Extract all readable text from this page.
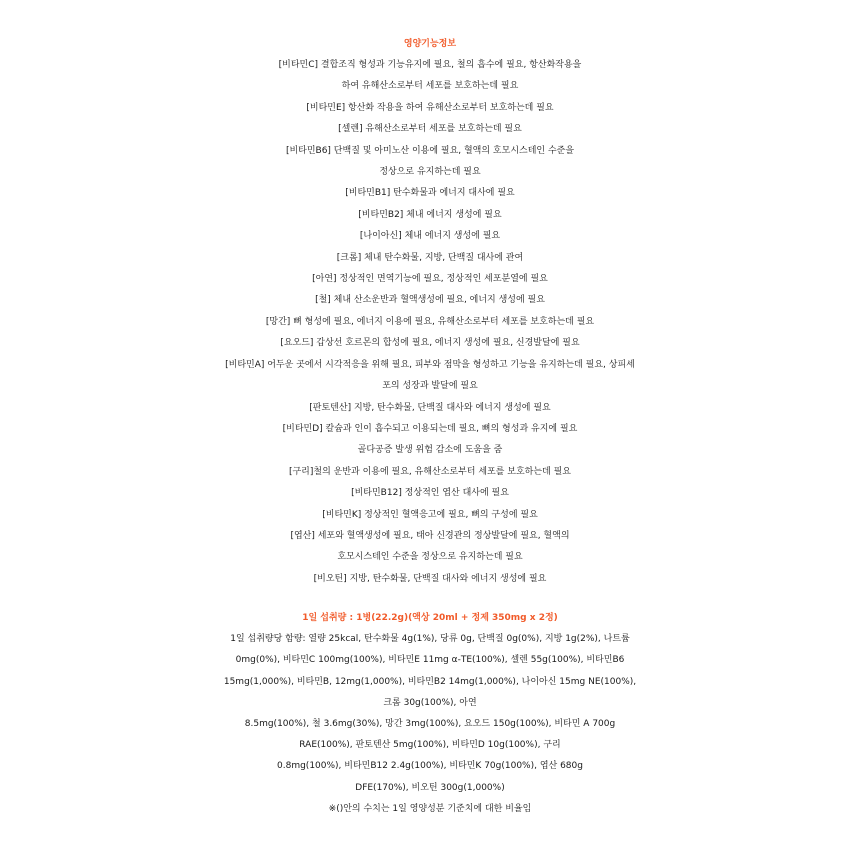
영양기능정보

[비타민C] 결합조직 형성과 기능유지에 필요, 철의 흡수에 필요, 항산화작용을

하여 유해산소로부터 세포를 보호하는데 필요

[비타민E] 항산화 작용을 하여 유해산소로부터 보호하는데 필요

[셀렌] 유해산소로부터 세포를 보호하는데 필요

[비타민B6] 단백질 및 아미노산 이용에 필요, 혈액의 호모시스테인 수준을

정상으로 유지하는데 필요

[비타민B1] 탄수화물과 에너지 대사에 필요

[비타민B2] 체내 에너지 생성에 필요

[나이아신] 체내 에너지 생성에 필요

[크롬] 체내 탄수화물, 지방, 단백질 대사에 관여

[아연] 정상적인 면역기능에 필요, 정상적인 세포분열에 필요

[철] 체내 산소운반과 혈액생성에 필요, 에너지 생성에 필요

[망간] 뼈 형성에 필요, 에너지 이용에 필요, 유해산소로부터 세포를 보호하는데 필요

[요오드] 갑상선 호르몬의 합성에 필요, 에너지 생성에 필요, 신경발달에 필요

[비타민A] 어두운 곳에서 시각적응을 위해 필요, 피부와 점막을 형성하고 기능을 유지하는데 필요, 상피세

포의 성장과 발달에 필요

[판토텐산] 지방, 탄수화물, 단백질 대사와 에너지 생성에 필요

[비타민D] 칼슘과 인이 흡수되고 이용되는데 필요, 뼈의 형성과 유지에 필요

골다공증 발생 위험 감소에 도움을 줌

[구리]철의 운반과 이용에 필요, 유해산소로부터 세포를 보호하는데 필요

[비타민B12] 정상적인 엽산 대사에 필요

[비타민K] 정상적인 혈액응고에 필요, 뼈의 구성에 필요

[엽산] 세포와 혈액생성에 필요, 태아 신경관의 정상발달에 필요, 혈액의

호모시스테인 수준을 정상으로 유지하는데 필요

[비오틴] 지방, 탄수화물, 단백질 대사와 에너지 생성에 필요

1일 섭취량 : 1병(22.2g)(액상 20ml + 정제 350mg x 2정)

1일 섭취량당 함량: 열량 25kcal, 탄수화물 4g(1%), 당류 0g, 단백질 0g(0%), 지방 1g(2%), 나트륨

0mg(0%), 비타민C 100mg(100%), 비타민E 11mg α-TE(100%), 셀렌 55g(100%), 비타민B6

15mg(1,000%), 비타민B, 12mg(1,000%), 비타민B2 14mg(1,000%), 나이아신 15mg NE(100%),

크롬 30g(100%), 아연

8.5mg(100%), 철 3.6mg(30%), 망간 3mg(100%), 요오드 150g(100%), 비타민 A 700g

RAE(100%), 판토텐산 5mg(100%), 비타민D 10g(100%), 구리

0.8mg(100%), 비타민B12 2.4g(100%), 비타민K 70g(100%), 엽산 680g

DFE(170%), 비오틴 300g(1,000%)

※()안의 수치는 1일 영양성분 기준치에 대한 비율임
